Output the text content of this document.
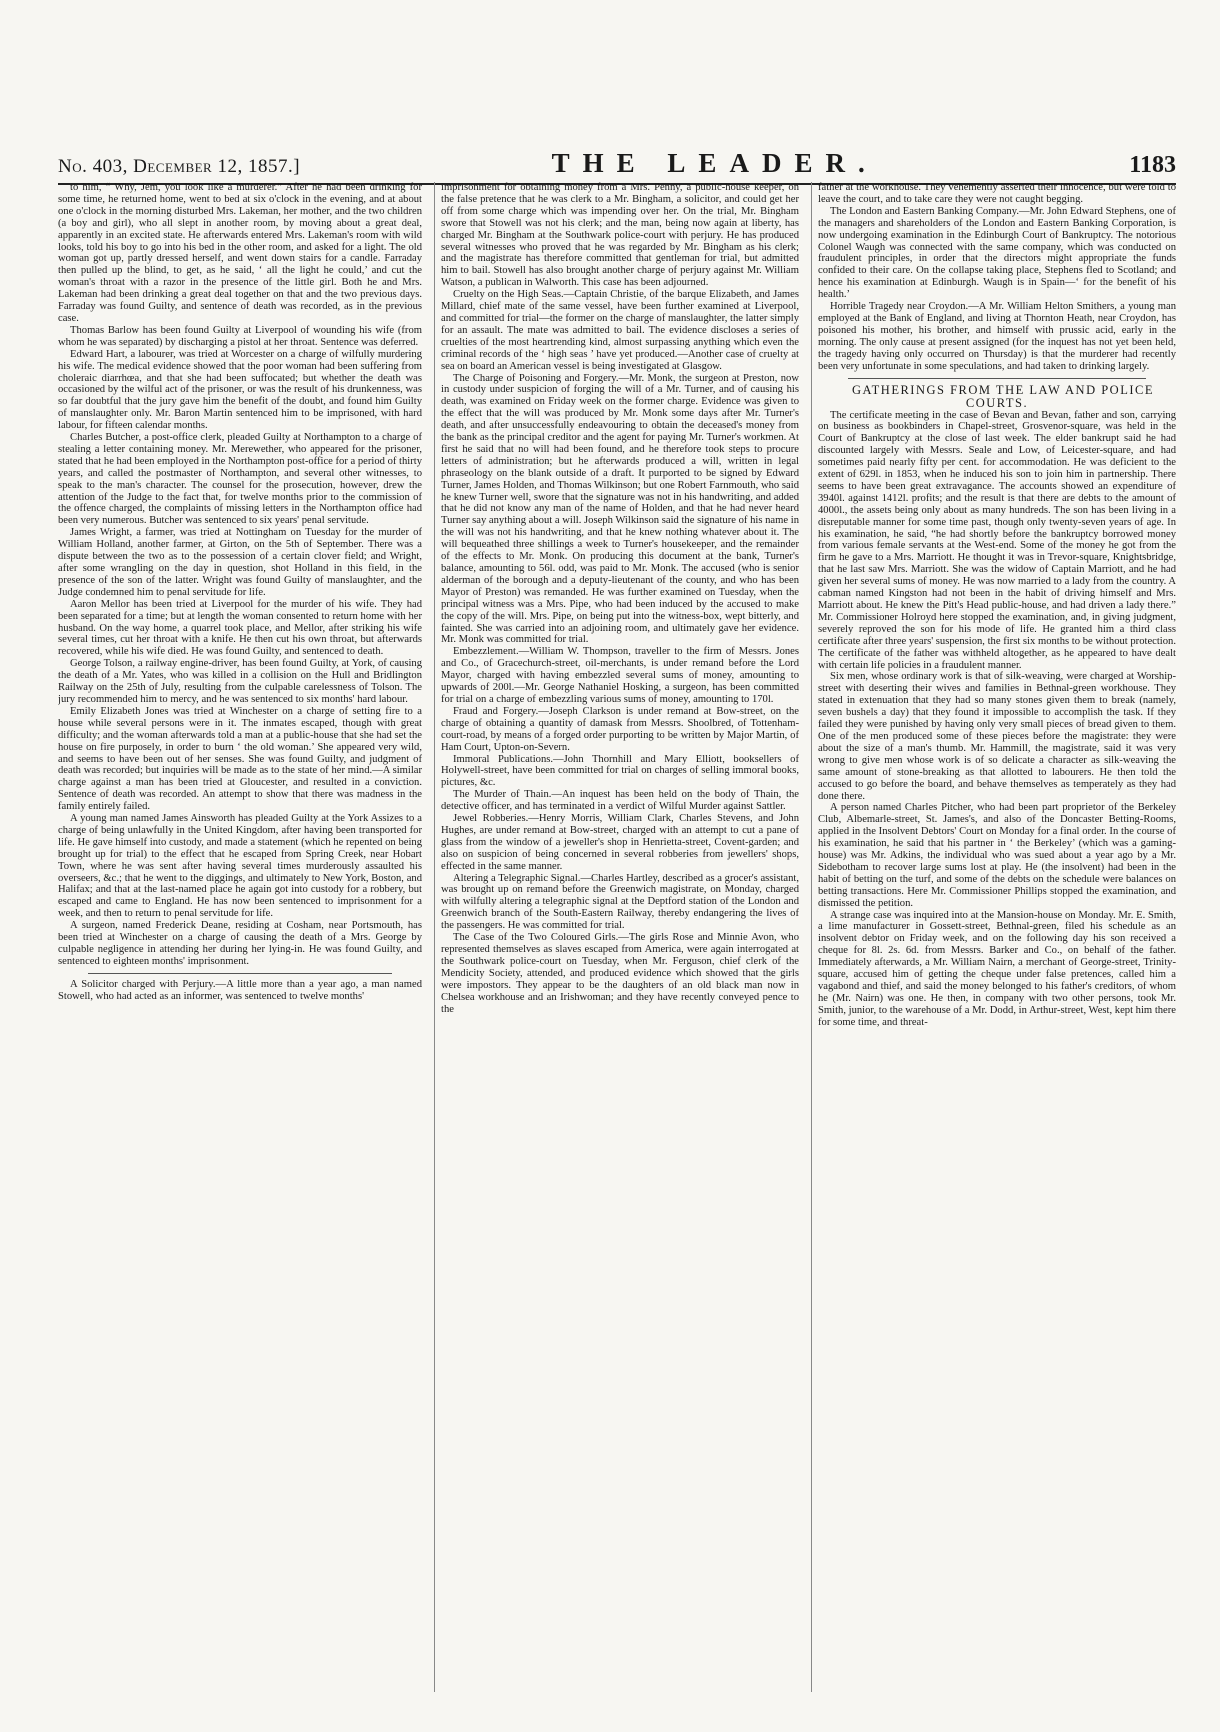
No. 403, December 12, 1857.]	THE LEADER.	1183

to him, “ Why, Jem, you look like a murderer.” After he had been drinking for some time, he returned home, went to bed at six o'clock in the evening, and at about one o'clock in the morning disturbed Mrs. Lakeman, her mother, and the two children (a boy and girl), who all slept in another room, by moving about a great deal, apparently in an excited state. He afterwards entered Mrs. Lakeman's room with wild looks, told his boy to go into his bed in the other room, and asked for a light. The old woman got up, partly dressed herself, and went down stairs for a candle. Farraday then pulled up the blind, to get, as he said, ‘ all the light he could,’ and cut the woman's throat with a razor in the presence of the little girl. Both he and Mrs. Lakeman had been drinking a great deal together on that and the two previous days. Farraday was found Guilty, and sentence of death was recorded, as in the previous case.

Thomas Barlow has been found Guilty at Liverpool of wounding his wife (from whom he was separated) by discharging a pistol at her throat. Sentence was deferred.

Edward Hart, a labourer, was tried at Worcester on a charge of wilfully murdering his wife. The medical evidence showed that the poor woman had been suffering from choleraic diarrhœa, and that she had been suffocated; but whether the death was occasioned by the wilful act of the prisoner, or was the result of his drunkenness, was so far doubtful that the jury gave him the benefit of the doubt, and found him Guilty of manslaughter only. Mr. Baron Martin sentenced him to be imprisoned, with hard labour, for fifteen calendar months.

Charles Butcher, a post-office clerk, pleaded Guilty at Northampton to a charge of stealing a letter containing money. Mr. Merewether, who appeared for the prisoner, stated that he had been employed in the Northampton post-office for a period of thirty years, and called the postmaster of Northampton, and several other witnesses, to speak to the man's character. The counsel for the prosecution, however, drew the attention of the Judge to the fact that, for twelve months prior to the commission of the offence charged, the complaints of missing letters in the Northampton office had been very numerous. Butcher was sentenced to six years' penal servitude.

James Wright, a farmer, was tried at Nottingham on Tuesday for the murder of William Holland, another farmer, at Girton, on the 5th of September. There was a dispute between the two as to the possession of a certain clover field; and Wright, after some wrangling on the day in question, shot Holland in this field, in the presence of the son of the latter. Wright was found Guilty of manslaughter, and the Judge condemned him to penal servitude for life.

Aaron Mellor has been tried at Liverpool for the murder of his wife. They had been separated for a time; but at length the woman consented to return home with her husband. On the way home, a quarrel took place, and Mellor, after striking his wife several times, cut her throat with a knife. He then cut his own throat, but afterwards recovered, while his wife died. He was found Guilty, and sentenced to death.

George Tolson, a railway engine-driver, has been found Guilty, at York, of causing the death of a Mr. Yates, who was killed in a collision on the Hull and Bridlington Railway on the 25th of July, resulting from the culpable carelessness of Tolson. The jury recommended him to mercy, and he was sentenced to six months' hard labour.

Emily Elizabeth Jones was tried at Winchester on a charge of setting fire to a house while several persons were in it. The inmates escaped, though with great difficulty; and the woman afterwards told a man at a public-house that she had set the house on fire purposely, in order to burn ‘ the old woman.’ She appeared very wild, and seems to have been out of her senses. She was found Guilty, and judgment of death was recorded; but inquiries will be made as to the state of her mind.—A similar charge against a man has been tried at Gloucester, and resulted in a conviction. Sentence of death was recorded. An attempt to show that there was madness in the family entirely failed.

A young man named James Ainsworth has pleaded Guilty at the York Assizes to a charge of being unlawfully in the United Kingdom, after having been transported for life. He gave himself into custody, and made a statement (which he repented on being brought up for trial) to the effect that he escaped from Spring Creek, near Hobart Town, where he was sent after having several times murderously assaulted his overseers, &c.; that he went to the diggings, and ultimately to New York, Boston, and Halifax; and that at the last-named place he again got into custody for a robbery, but escaped and came to England. He has now been sentenced to imprisonment for a week, and then to return to penal servitude for life.

A surgeon, named Frederick Deane, residing at Cosham, near Portsmouth, has been tried at Winchester on a charge of causing the death of a Mrs. George by culpable negligence in attending her during her lying-in. He was found Guilty, and sentenced to eighteen months' imprisonment.

A Solicitor charged with Perjury.—A little more than a year ago, a man named Stowell, who had acted as an informer, was sentenced to twelve months'

imprisonment for obtaining money from a Mrs. Penny, a public-house keeper, on the false pretence that he was clerk to a Mr. Bingham, a solicitor, and could get her off from some charge which was impending over her. On the trial, Mr. Bingham swore that Stowell was not his clerk; and the man, being now again at liberty, has charged Mr. Bingham at the Southwark police-court with perjury. He has produced several witnesses who proved that he was regarded by Mr. Bingham as his clerk; and the magistrate has therefore committed that gentleman for trial, but admitted him to bail. Stowell has also brought another charge of perjury against Mr. William Watson, a publican in Walworth. This case has been adjourned.

Cruelty on the High Seas.—Captain Christie, of the barque Elizabeth, and James Millard, chief mate of the same vessel, have been further examined at Liverpool, and committed for trial—the former on the charge of manslaughter, the latter simply for an assault. The mate was admitted to bail. The evidence discloses a series of cruelties of the most heartrending kind, almost surpassing anything which even the criminal records of the ‘ high seas ’ have yet produced.—Another case of cruelty at sea on board an American vessel is being investigated at Glasgow.

The Charge of Poisoning and Forgery.—Mr. Monk, the surgeon at Preston, now in custody under suspicion of forging the will of a Mr. Turner, and of causing his death, was examined on Friday week on the former charge. Evidence was given to the effect that the will was produced by Mr. Monk some days after Mr. Turner's death, and after unsuccessfully endeavouring to obtain the deceased's money from the bank as the principal creditor and the agent for paying Mr. Turner's workmen. At first he said that no will had been found, and he therefore took steps to procure letters of administration; but he afterwards produced a will, written in legal phraseology on the blank outside of a draft. It purported to be signed by Edward Turner, James Holden, and Thomas Wilkinson; but one Robert Farnmouth, who said he knew Turner well, swore that the signature was not in his handwriting, and added that he did not know any man of the name of Holden, and that he had never heard Turner say anything about a will. Joseph Wilkinson said the signature of his name in the will was not his handwriting, and that he knew nothing whatever about it. The will bequeathed three shillings a week to Turner's housekeeper, and the remainder of the effects to Mr. Monk. On producing this document at the bank, Turner's balance, amounting to 56l. odd, was paid to Mr. Monk. The accused (who is senior alderman of the borough and a deputy-lieutenant of the county, and who has been Mayor of Preston) was remanded. He was further examined on Tuesday, when the principal witness was a Mrs. Pipe, who had been induced by the accused to make the copy of the will. Mrs. Pipe, on being put into the witness-box, wept bitterly, and fainted. She was carried into an adjoining room, and ultimately gave her evidence. Mr. Monk was committed for trial.

Embezzlement.—William W. Thompson, traveller to the firm of Messrs. Jones and Co., of Gracechurch-street, oil-merchants, is under remand before the Lord Mayor, charged with having embezzled several sums of money, amounting to upwards of 200l.—Mr. George Nathaniel Hosking, a surgeon, has been committed for trial on a charge of embezzling various sums of money, amounting to 170l.

Fraud and Forgery.—Joseph Clarkson is under remand at Bow-street, on the charge of obtaining a quantity of damask from Messrs. Shoolbred, of Tottenham-court-road, by means of a forged order purporting to be written by Major Martin, of Ham Court, Upton-on-Severn.

Immoral Publications.—John Thornhill and Mary Elliott, booksellers of Holywell-street, have been committed for trial on charges of selling immoral books, pictures, &c.

The Murder of Thain.—An inquest has been held on the body of Thain, the detective officer, and has terminated in a verdict of Wilful Murder against Sattler.

Jewel Robberies.—Henry Morris, William Clark, Charles Stevens, and John Hughes, are under remand at Bow-street, charged with an attempt to cut a pane of glass from the window of a jeweller's shop in Henrietta-street, Covent-garden; and also on suspicion of being concerned in several robberies from jewellers' shops, effected in the same manner.

Altering a Telegraphic Signal.—Charles Hartley, described as a grocer's assistant, was brought up on remand before the Greenwich magistrate, on Monday, charged with wilfully altering a telegraphic signal at the Deptford station of the London and Greenwich branch of the South-Eastern Railway, thereby endangering the lives of the passengers. He was committed for trial.

The Case of the Two Coloured Girls.—The girls Rose and Minnie Avon, who represented themselves as slaves escaped from America, were again interrogated at the Southwark police-court on Tuesday, when Mr. Ferguson, chief clerk of the Mendicity Society, attended, and produced evidence which showed that the girls were impostors. They appear to be the daughters of an old black man now in Chelsea workhouse and an Irishwoman; and they have recently conveyed pence to the

father at the workhouse. They vehemently asserted their innocence, but were told to leave the court, and to take care they were not caught begging.

The London and Eastern Banking Company.—Mr. John Edward Stephens, one of the managers and shareholders of the London and Eastern Banking Corporation, is now undergoing examination in the Edinburgh Court of Bankruptcy. The notorious Colonel Waugh was connected with the same company, which was conducted on fraudulent principles, in order that the directors might appropriate the funds confided to their care. On the collapse taking place, Stephens fled to Scotland; and hence his examination at Edinburgh. Waugh is in Spain—‘ for the benefit of his health.’

Horrible Tragedy near Croydon.—A Mr. William Helton Smithers, a young man employed at the Bank of England, and living at Thornton Heath, near Croydon, has poisoned his mother, his brother, and himself with prussic acid, early in the morning. The only cause at present assigned (for the inquest has not yet been held, the tragedy having only occurred on Thursday) is that the murderer had recently been very unfortunate in some speculations, and had taken to drinking largely.

GATHERINGS FROM THE LAW AND POLICE COURTS.

The certificate meeting in the case of Bevan and Bevan, father and son, carrying on business as bookbinders in Chapel-street, Grosvenor-square, was held in the Court of Bankruptcy at the close of last week. The elder bankrupt said he had discounted largely with Messrs. Seale and Low, of Leicester-square, and had sometimes paid nearly fifty per cent. for accommodation. He was deficient to the extent of 629l. in 1853, when he induced his son to join him in partnership. There seems to have been great extravagance. The accounts showed an expenditure of 3940l. against 1412l. profits; and the result is that there are debts to the amount of 4000l., the assets being only about as many hundreds. The son has been living in a disreputable manner for some time past, though only twenty-seven years of age. In his examination, he said, “he had shortly before the bankruptcy borrowed money from various female servants at the West-end. Some of the money he got from the firm he gave to a Mrs. Marriott. He thought it was in Trevor-square, Knightsbridge, that he last saw Mrs. Marriott. She was the widow of Captain Marriott, and he had given her several sums of money. He was now married to a lady from the country. A cabman named Kingston had not been in the habit of driving himself and Mrs. Marriott about. He knew the Pitt's Head public-house, and had driven a lady there.” Mr. Commissioner Holroyd here stopped the examination, and, in giving judgment, severely reproved the son for his mode of life. He granted him a third class certificate after three years' suspension, the first six months to be without protection. The certificate of the father was withheld altogether, as he appeared to have dealt with certain life policies in a fraudulent manner.

Six men, whose ordinary work is that of silk-weaving, were charged at Worship-street with deserting their wives and families in Bethnal-green workhouse. They stated in extenuation that they had so many stones given them to break (namely, seven bushels a day) that they found it impossible to accomplish the task. If they failed they were punished by having only very small pieces of bread given to them. One of the men produced some of these pieces before the magistrate: they were about the size of a man's thumb. Mr. Hammill, the magistrate, said it was very wrong to give men whose work is of so delicate a character as silk-weaving the same amount of stone-breaking as that allotted to labourers. He then told the accused to go before the board, and behave themselves as temperately as they had done there.

A person named Charles Pitcher, who had been part proprietor of the Berkeley Club, Albemarle-street, St. James's, and also of the Doncaster Betting-Rooms, applied in the Insolvent Debtors' Court on Monday for a final order. In the course of his examination, he said that his partner in ‘ the Berkeley’ (which was a gaming-house) was Mr. Adkins, the individual who was sued about a year ago by a Mr. Sidebotham to recover large sums lost at play. He (the insolvent) had been in the habit of betting on the turf, and some of the debts on the schedule were balances on betting transactions. Here Mr. Commissioner Phillips stopped the examination, and dismissed the petition.

A strange case was inquired into at the Mansion-house on Monday. Mr. E. Smith, a lime manufacturer in Gossett-street, Bethnal-green, filed his schedule as an insolvent debtor on Friday week, and on the following day his son received a cheque for 8l. 2s. 6d. from Messrs. Barker and Co., on behalf of the father. Immediately afterwards, a Mr. William Nairn, a merchant of George-street, Trinity-square, accused him of getting the cheque under false pretences, called him a vagabond and thief, and said the money belonged to his father's creditors, of whom he (Mr. Nairn) was one. He then, in company with two other persons, took Mr. Smith, junior, to the warehouse of a Mr. Dodd, in Arthur-street, West, kept him there for some time, and threat-
